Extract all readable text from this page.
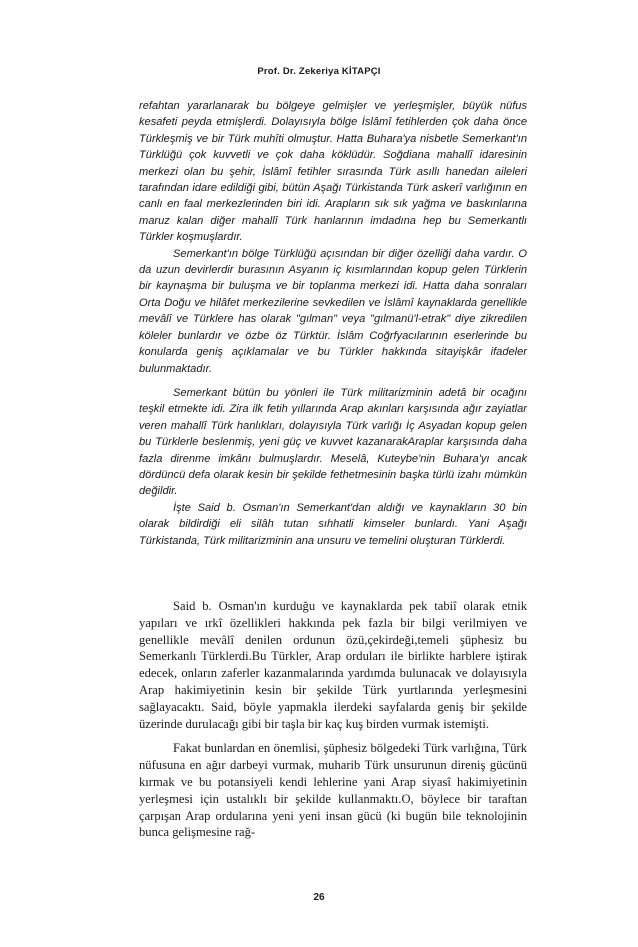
Prof. Dr. Zekeriya KİTAPÇI

refahtan yararlanarak bu bölgeye gelmişler ve yerleşmişler, büyük nüfus kesafeti peyda etmişlerdi. Dolayısıyla bölge İslâmî fetihlerden çok daha önce Türkleşmiş ve bir Türk muhîti olmuştur. Hatta Buhara'ya nisbetle Semerkant'ın Türklüğü çok kuvvetli ve çok daha köklüdür. Soğdiana mahallî idaresinin merkezi olan bu şehir, İslâmî fetihler sırasında Türk asıllı hanedan aileleri tarafından idare edildiği gibi, bütün Aşağı Türkistanda Türk askerî varlığının en canlı en faal merkezlerinden biri idi. Arapların sık sık yağma ve baskınlarına maruz kalan diğer mahallî Türk hanlarının imdadına hep bu Semerkantlı Türkler koşmuşlardır.

Semerkant'ın bölge Türklüğü açısından bir diğer özelliği daha vardır. O da uzun devirlerdir burasının Asyanın iç kısımlarından kopup gelen Türklerin bir kaynaşma bir buluşma ve bir toplanma merkezi idi. Hatta daha sonraları Orta Doğu ve hilâfet merkezilerine sevkedilen ve İslâmî kaynaklarda genellikle mevâlî ve Türklere has olarak "gılman" veya "gılmanü'l-etrak" diye zikredilen köleler bunlardır ve özbe öz Türktür. İslâm Coğrfyacılarının eserlerinde bu konularda geniş açıklamalar ve bu Türkler hakkında sitayişkâr ifadeler bulunmaktadır.

Semerkant bütün bu yönleri ile Türk militarizminin adetâ bir ocağını teşkil etmekte idi. Zira ilk fetih yıllarında Arap akınları karşısında ağır zayiatlar veren mahallî Türk hanlıkları, dolayısıyla Türk varlığı İç Asyadan kopup gelen bu Türklerle beslenmiş, yeni güç ve kuvvet kazanarakAraplar karşısında daha fazla direnme imkânı bulmuşlardır. Meselâ, Kuteybe'nin Buhara'yı ancak dördüncü defa olarak kesin bir şekilde fethetmesinin başka türlü izahı mümkün değildir.

İşte Said b. Osman'ın Semerkant'dan aldığı ve kaynakların 30 bin olarak bildirdiği eli silâh tutan sıhhatli kimseler bunlardı. Yani Aşağı Türkistanda, Türk militarizminin ana unsuru ve temelini oluşturan Türklerdi.

Said b. Osman'ın kurduğu ve kaynaklarda pek tabiî olarak etnik yapıları ve ırkî özellikleri hakkında pek fazla bir bilgi verilmiyen ve genellikle mevâlî denilen ordunun özü,çekirdeği,temeli şüphesiz bu Semerkanlı Türklerdi.Bu Türkler, Arap orduları ile birlikte harblere iştirak edecek, onların zaferler kazanmalarında yardımda bulunacak ve dolayısıyla Arap hakimiyetinin kesin bir şekilde Türk yurtlarında yerleşmesini sağlayacaktı. Said, böyle yapmakla ilerdeki sayfalarda geniş bir şekilde üzerinde durulacağı gibi bir taşla bir kaç kuş birden vurmak istemişti.

Fakat bunlardan en önemlisi, şüphesiz bölgedeki Türk varlığına, Türk nüfusuna en ağır darbeyi vurmak, muharib Türk unsurunun direniş gücünü kırmak ve bu potansiyeli kendi lehlerine yani Arap siyasî hakimiyetinin yerleşmesi için ustalıklı bir şekilde kullanmaktı.O, böylece bir taraftan çarpışan Arap ordularına yeni yeni insan gücü (ki bugün bile teknolojinin bunca gelişmesine rağ-

26
